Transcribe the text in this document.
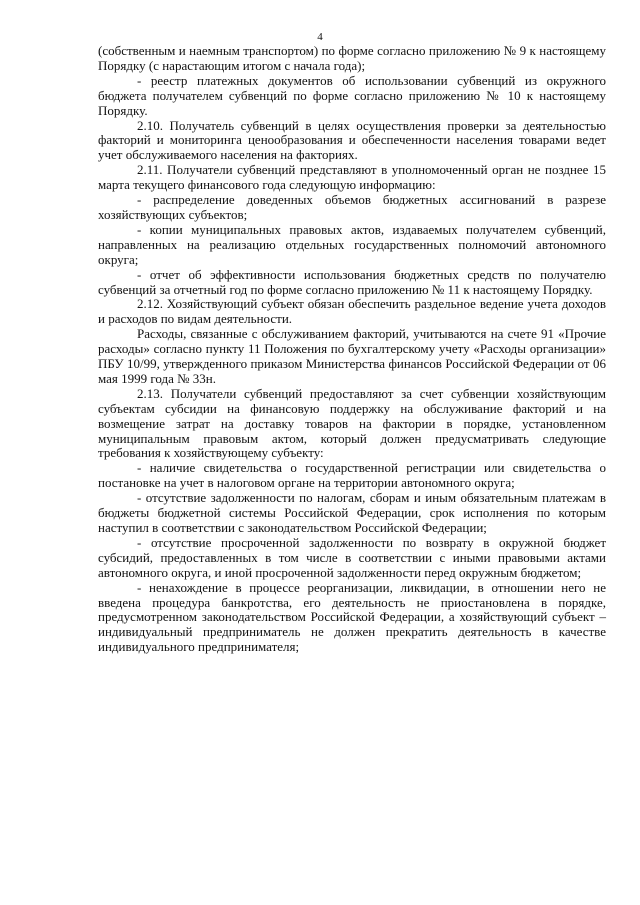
4

(собственным и наемным транспортом) по форме согласно приложению № 9 к настоящему Порядку (с нарастающим итогом с начала года);

- реестр платежных документов об использовании субвенций из окружного бюджета получателем субвенций по форме согласно приложению № 10 к настоящему Порядку.

2.10. Получатель субвенций в целях осуществления проверки за деятельностью факторий и мониторинга ценообразования и обеспеченности населения товарами ведет учет обслуживаемого населения на факториях.

2.11. Получатели субвенций представляют в уполномоченный орган не позднее 15 марта текущего финансового года следующую информацию:

- распределение доведенных объемов бюджетных ассигнований в разрезе хозяйствующих субъектов;

- копии муниципальных правовых актов, издаваемых получателем субвенций, направленных на реализацию отдельных государственных полномочий автономного округа;

- отчет об эффективности использования бюджетных средств по получателю субвенций за отчетный год по форме согласно приложению № 11 к настоящему Порядку.

2.12. Хозяйствующий субъект обязан обеспечить раздельное ведение учета доходов и расходов по видам деятельности.

Расходы, связанные с обслуживанием факторий, учитываются на счете 91 «Прочие расходы» согласно пункту 11 Положения по бухгалтерскому учету «Расходы организации» ПБУ 10/99, утвержденного приказом Министерства финансов Российской Федерации от 06 мая 1999 года № 33н.

2.13. Получатели субвенций предоставляют за счет субвенции хозяйствующим субъектам субсидии на финансовую поддержку на обслуживание факторий и на возмещение затрат на доставку товаров на фактории в порядке, установленном муниципальным правовым актом, который должен предусматривать следующие требования к хозяйствующему субъекту:

- наличие свидетельства о государственной регистрации или свидетельства о постановке на учет в налоговом органе на территории автономного округа;

- отсутствие задолженности по налогам, сборам и иным обязательным платежам в бюджеты бюджетной системы Российской Федерации, срок исполнения по которым наступил в соответствии с законодательством Российской Федерации;

- отсутствие просроченной задолженности по возврату в окружной бюджет субсидий, предоставленных в том числе в соответствии с иными правовыми актами автономного округа, и иной просроченной задолженности перед окружным бюджетом;

- ненахождение в процессе реорганизации, ликвидации, в отношении него не введена процедура банкротства, его деятельность не приостановлена в порядке, предусмотренном законодательством Российской Федерации, а хозяйствующий субъект – индивидуальный предприниматель не должен прекратить деятельность в качестве индивидуального предпринимателя;
